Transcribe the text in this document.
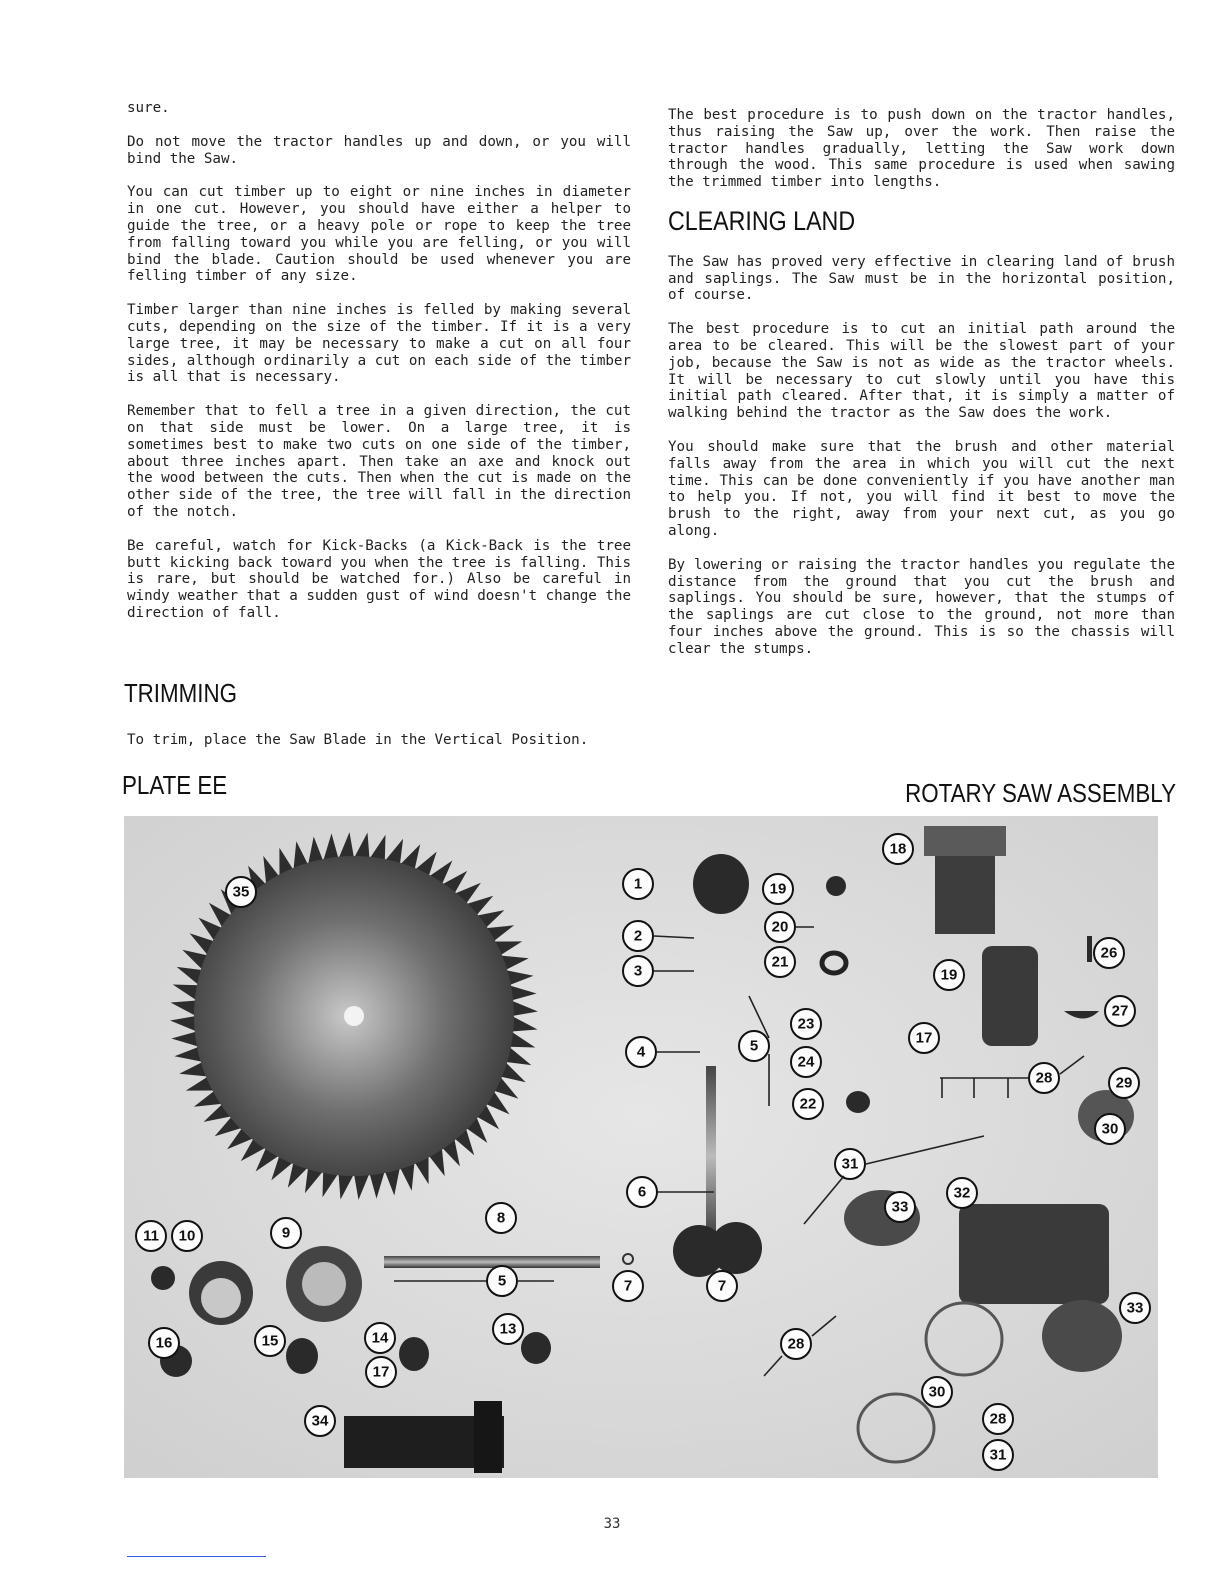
sure.

Do not move the tractor handles up and down, or you will bind the Saw.

You can cut timber up to eight or nine inches in diameter in one cut. However, you should have either a helper to guide the tree, or a heavy pole or rope to keep the tree from falling toward you while you are felling, or you will bind the blade. Caution should be used whenever you are felling timber of any size.

Timber larger than nine inches is felled by making several cuts, depending on the size of the timber. If it is a very large tree, it may be necessary to make a cut on all four sides, although ordinarily a cut on each side of the timber is all that is necessary.

Remember that to fell a tree in a given direction, the cut on that side must be lower. On a large tree, it is sometimes best to make two cuts on one side of the timber, about three inches apart. Then take an axe and knock out the wood between the cuts. Then when the cut is made on the other side of the tree, the tree will fall in the direction of the notch.

Be careful, watch for Kick-Backs (a Kick-Back is the tree butt kicking back toward you when the tree is falling. This is rare, but should be watched for.) Also be careful in windy weather that a sudden gust of wind doesn't change the direction of fall.

TRIMMING

To trim, place the Saw Blade in the Vertical Position.

The best procedure is to push down on the tractor handles, thus raising the Saw up, over the work. Then raise the tractor handles gradually, letting the Saw work down through the wood. This same procedure is used when sawing the trimmed timber into lengths.

CLEARING LAND

The Saw has proved very effective in clearing land of brush and saplings. The Saw must be in the horizontal position, of course.

The best procedure is to cut an initial path around the area to be cleared. This will be the slowest part of your job, because the Saw is not as wide as the tractor wheels. It will be necessary to cut slowly until you have this initial path cleared. After that, it is simply a matter of walking behind the tractor as the Saw does the work.

You should make sure that the brush and other material falls away from the area in which you will cut the next time. This can be done conveniently if you have another man to help you. If not, you will find it best to move the brush to the right, away from your next cut, as you go along.

By lowering or raising the tractor handles you regulate the distance from the ground that you cut the brush and saplings. You should be sure, however, that the stumps of the saplings are cut close to the ground, not more than four inches above the ground. This is so the chassis will clear the stumps.

PLATE EE	ROTARY SAW ASSEMBLY
11 10	9
8
5	7
16	15	14
17
13
34
35	1
2
3
4	5
6
7
19
20
21
23
24
22
17
18
19
26
27
28	29
30
31
33
32
33
28
30
28
31
33
